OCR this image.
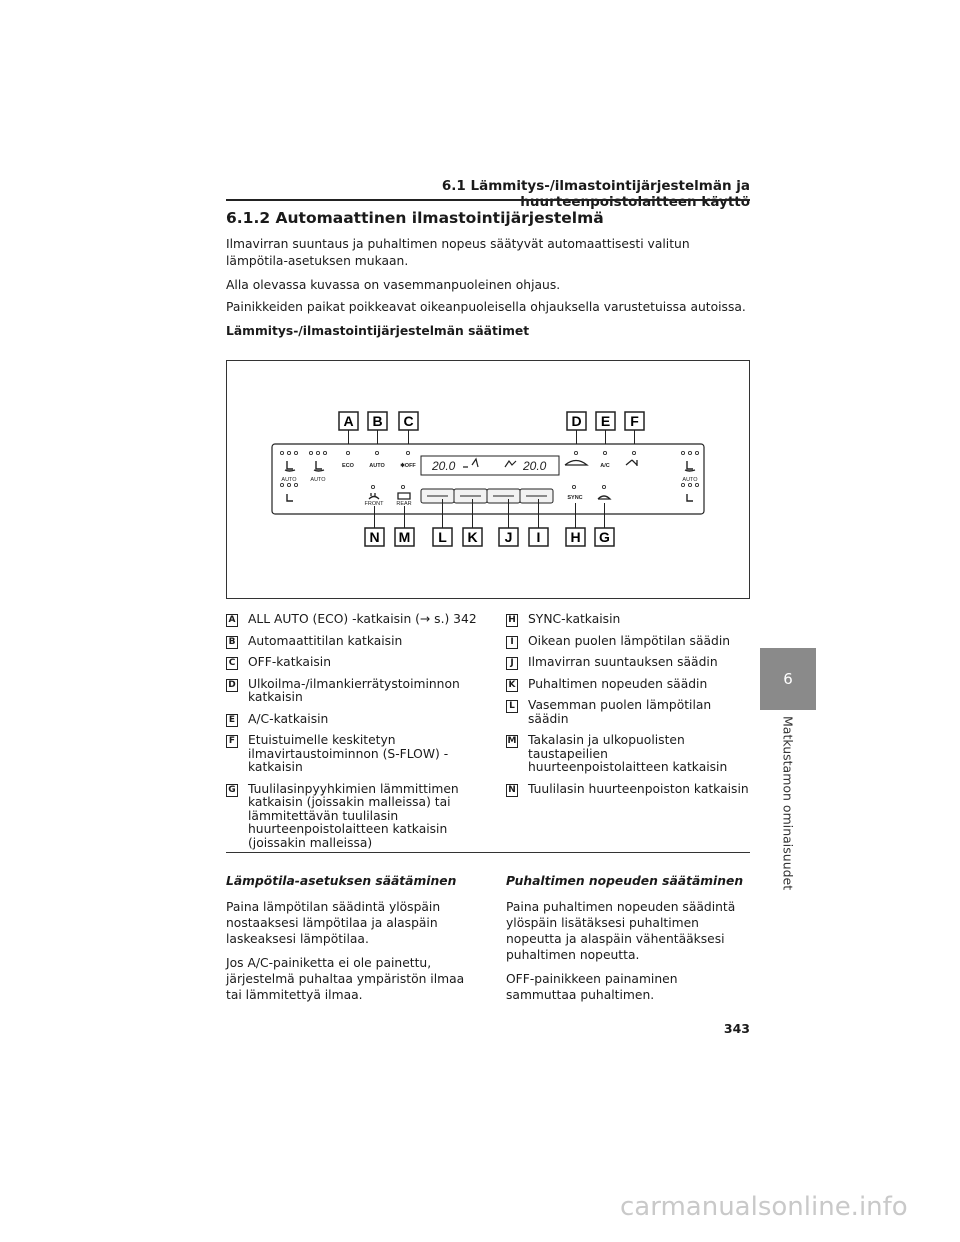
6.1 Lämmitys-/ilmastointijärjestelmän ja huurteenpoistolaitteen käyttö
6.1.2 Automaattinen ilmastointijärjestelmä
Ilmavirran suuntaus ja puhaltimen nopeus säätyvät automaattisesti valitun lämpötila-asetuksen mukaan.
Alla olevassa kuvassa on vasemmanpuoleinen ohjaus.
Painikkeiden paikat poikkeavat oikeanpuoleisella ohjauksella varustetuissa autoissa.
Lämmitys-/ilmastointijärjestelmän säätimet
A B C	D E F
ECO	AUTO	✱OFF	A/C
AUTO	AUTO	AUTO
FRONT REAR
SYNC
20.0	20.0
N M L K J I H G
A ALL AUTO (ECO) -katkaisin (→ s.) 342
B Automaattitilan katkaisin
C OFF-katkaisin
D Ulkoilma-/ilmankierrätystoiminnon katkaisin
E A/C-katkaisin
F Etuistuimelle keskitetyn ilmavirtaustoiminnon (S-FLOW) -katkaisin
G Tuulilasinpyyhkimien lämmittimen katkaisin (joissakin malleissa) tai lämmitettävän tuulilasin huurteenpoistolaitteen katkaisin (joissakin malleissa)
H SYNC-katkaisin
I	Oikean puolen lämpötilan säädin
J	Ilmavirran suuntauksen säädin
K Puhaltimen nopeuden säädin
L Vasemman puolen lämpötilan säädin
M Takalasin ja ulkopuolisten taustapeilien huurteenpoistolaitteen katkaisin
N Tuulilasin huurteenpoiston katkaisin
Lämpötila-asetuksen säätäminen

Paina lämpötilan säädintä ylöspäin nostaaksesi lämpötilaa ja alaspäin laskeaksesi lämpötilaa.

Jos A/C-painiketta ei ole painettu, järjestelmä puhaltaa ympäristön ilmaa tai lämmitettyä ilmaa.

Puhaltimen nopeuden säätäminen

Paina puhaltimen nopeuden säädintä ylöspäin lisätäksesi puhaltimen nopeutta ja alaspäin vähentääksesi puhaltimen nopeutta.

OFF-painikkeen painaminen sammuttaa puhaltimen.

6
Matkustamon ominaisuudet
343
carmanualsonline.info
